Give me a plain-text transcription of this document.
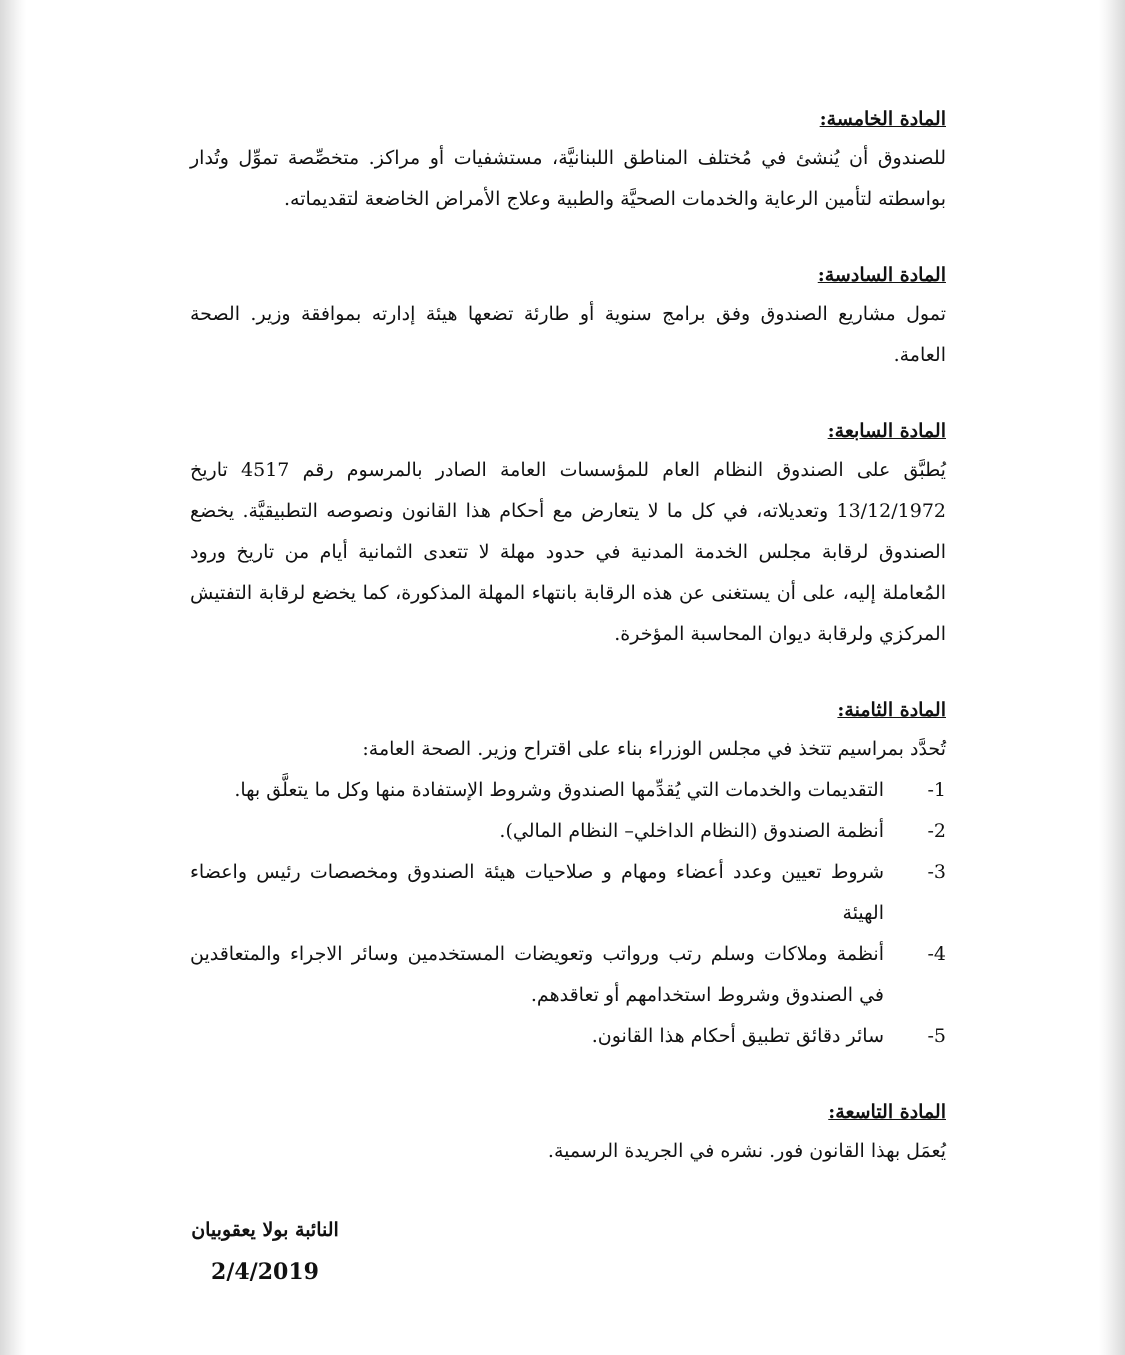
المادة الخامسة:

للصندوق أن يُنشئ في مُختلف المناطق اللبنانيَّة، مستشفيات أو مراكز. متخصِّصة تموِّل وتُدار بواسطته لتأمين الرعاية والخدمات الصحيَّة والطبية وعلاج الأمراض الخاضعة لتقديماته.

المادة السادسة:

تمول مشاريع الصندوق وفق برامج سنوية أو طارئة تضعها هيئة إدارته بموافقة وزير. الصحة العامة.

المادة السابعة:

يُطبَّق على الصندوق النظام العام للمؤسسات العامة الصادر بالمرسوم رقم 4517 تاريخ 13/12/1972 وتعديلاته، في كل ما لا يتعارض مع أحكام هذا القانون ونصوصه التطبيقيَّة. يخضع الصندوق لرقابة مجلس الخدمة المدنية في حدود مهلة لا تتعدى الثمانية أيام من تاريخ ورود المُعاملة إليه، على أن يستغنى عن هذه الرقابة بانتهاء المهلة المذكورة، كما يخضع لرقابة التفتيش المركزي ولرقابة ديوان المحاسبة المؤخرة.

المادة الثامنة:

تُحدَّد بمراسيم تتخذ في مجلس الوزراء بناء على اقتراح وزير. الصحة العامة:

-1
التقديمات والخدمات التي يُقدِّمها الصندوق وشروط الإستفادة منها وكل ما يتعلَّق بها.
-2
أنظمة الصندوق (النظام الداخلي– النظام المالي).
-3
شروط تعيين وعدد أعضاء ومهام و صلاحيات هيئة الصندوق ومخصصات رئيس واعضاء الهيئة
-4
أنظمة وملاكات وسلم رتب ورواتب وتعويضات المستخدمين وسائر الاجراء والمتعاقدين في الصندوق وشروط استخدامهم أو تعاقدهم.
-5
سائر دقائق تطبيق أحكام هذا القانون.
المادة التاسعة:

يُعمَل بهذا القانون فور. نشره في الجريدة الرسمية.

النائبة بولا يعقوبيان
2/4/2019
